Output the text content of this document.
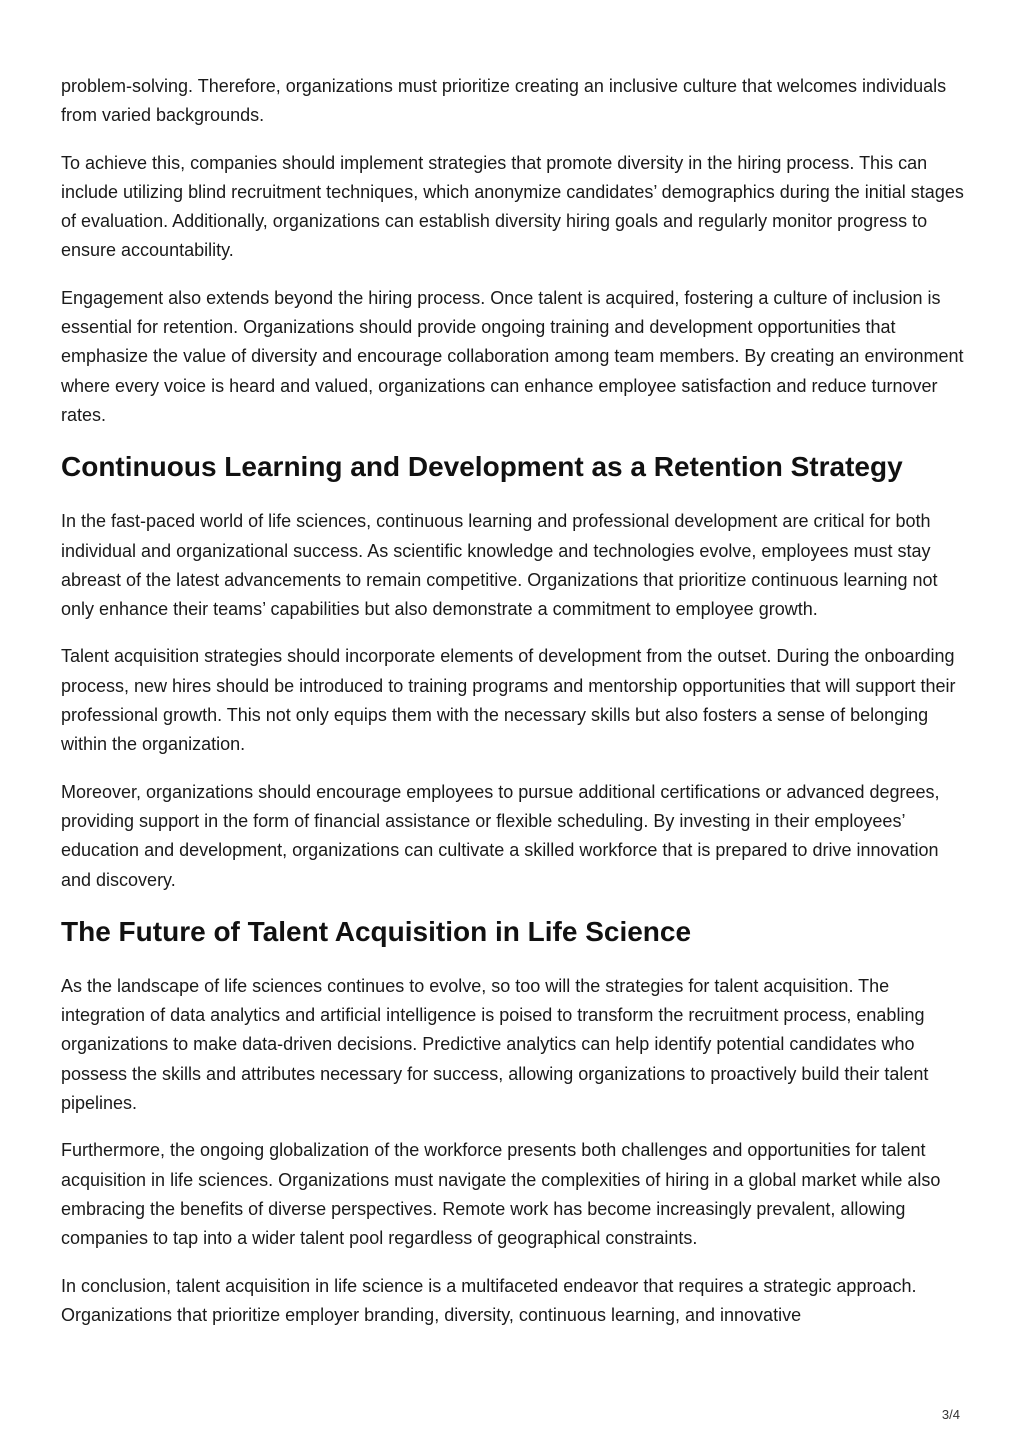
problem-solving. Therefore, organizations must prioritize creating an inclusive culture that welcomes individuals from varied backgrounds.

To achieve this, companies should implement strategies that promote diversity in the hiring process. This can include utilizing blind recruitment techniques, which anonymize candidates’ demographics during the initial stages of evaluation. Additionally, organizations can establish diversity hiring goals and regularly monitor progress to ensure accountability.

Engagement also extends beyond the hiring process. Once talent is acquired, fostering a culture of inclusion is essential for retention. Organizations should provide ongoing training and development opportunities that emphasize the value of diversity and encourage collaboration among team members. By creating an environment where every voice is heard and valued, organizations can enhance employee satisfaction and reduce turnover rates.

Continuous Learning and Development as a Retention Strategy

In the fast-paced world of life sciences, continuous learning and professional development are critical for both individual and organizational success. As scientific knowledge and technologies evolve, employees must stay abreast of the latest advancements to remain competitive. Organizations that prioritize continuous learning not only enhance their teams’ capabilities but also demonstrate a commitment to employee growth.

Talent acquisition strategies should incorporate elements of development from the outset. During the onboarding process, new hires should be introduced to training programs and mentorship opportunities that will support their professional growth. This not only equips them with the necessary skills but also fosters a sense of belonging within the organization.

Moreover, organizations should encourage employees to pursue additional certifications or advanced degrees, providing support in the form of financial assistance or flexible scheduling. By investing in their employees’ education and development, organizations can cultivate a skilled workforce that is prepared to drive innovation and discovery.

The Future of Talent Acquisition in Life Science

As the landscape of life sciences continues to evolve, so too will the strategies for talent acquisition. The integration of data analytics and artificial intelligence is poised to transform the recruitment process, enabling organizations to make data-driven decisions. Predictive analytics can help identify potential candidates who possess the skills and attributes necessary for success, allowing organizations to proactively build their talent pipelines.

Furthermore, the ongoing globalization of the workforce presents both challenges and opportunities for talent acquisition in life sciences. Organizations must navigate the complexities of hiring in a global market while also embracing the benefits of diverse perspectives. Remote work has become increasingly prevalent, allowing companies to tap into a wider talent pool regardless of geographical constraints.

In conclusion, talent acquisition in life science is a multifaceted endeavor that requires a strategic approach. Organizations that prioritize employer branding, diversity, continuous learning, and innovative

3/4
